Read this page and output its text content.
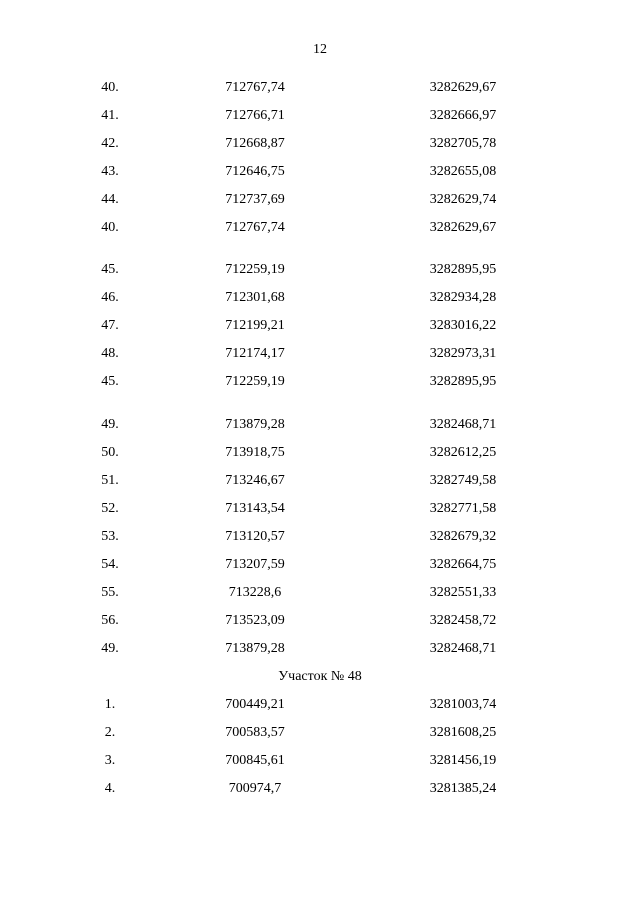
12
40.	712767,74	3282629,67
41.	712766,71	3282666,97
42.	712668,87	3282705,78
43.	712646,75	3282655,08
44.	712737,69	3282629,74
40.	712767,74	3282629,67
45.	712259,19	3282895,95
46.	712301,68	3282934,28
47.	712199,21	3283016,22
48.	712174,17	3282973,31
45.	712259,19	3282895,95
49.	713879,28	3282468,71
50.	713918,75	3282612,25
51.	713246,67	3282749,58
52.	713143,54	3282771,58
53.	713120,57	3282679,32
54.	713207,59	3282664,75
55.	713228,6	3282551,33
56.	713523,09	3282458,72
49.	713879,28	3282468,71
Участок № 48
1.	700449,21	3281003,74
2.	700583,57	3281608,25
3.	700845,61	3281456,19
4.	700974,7	3281385,24
